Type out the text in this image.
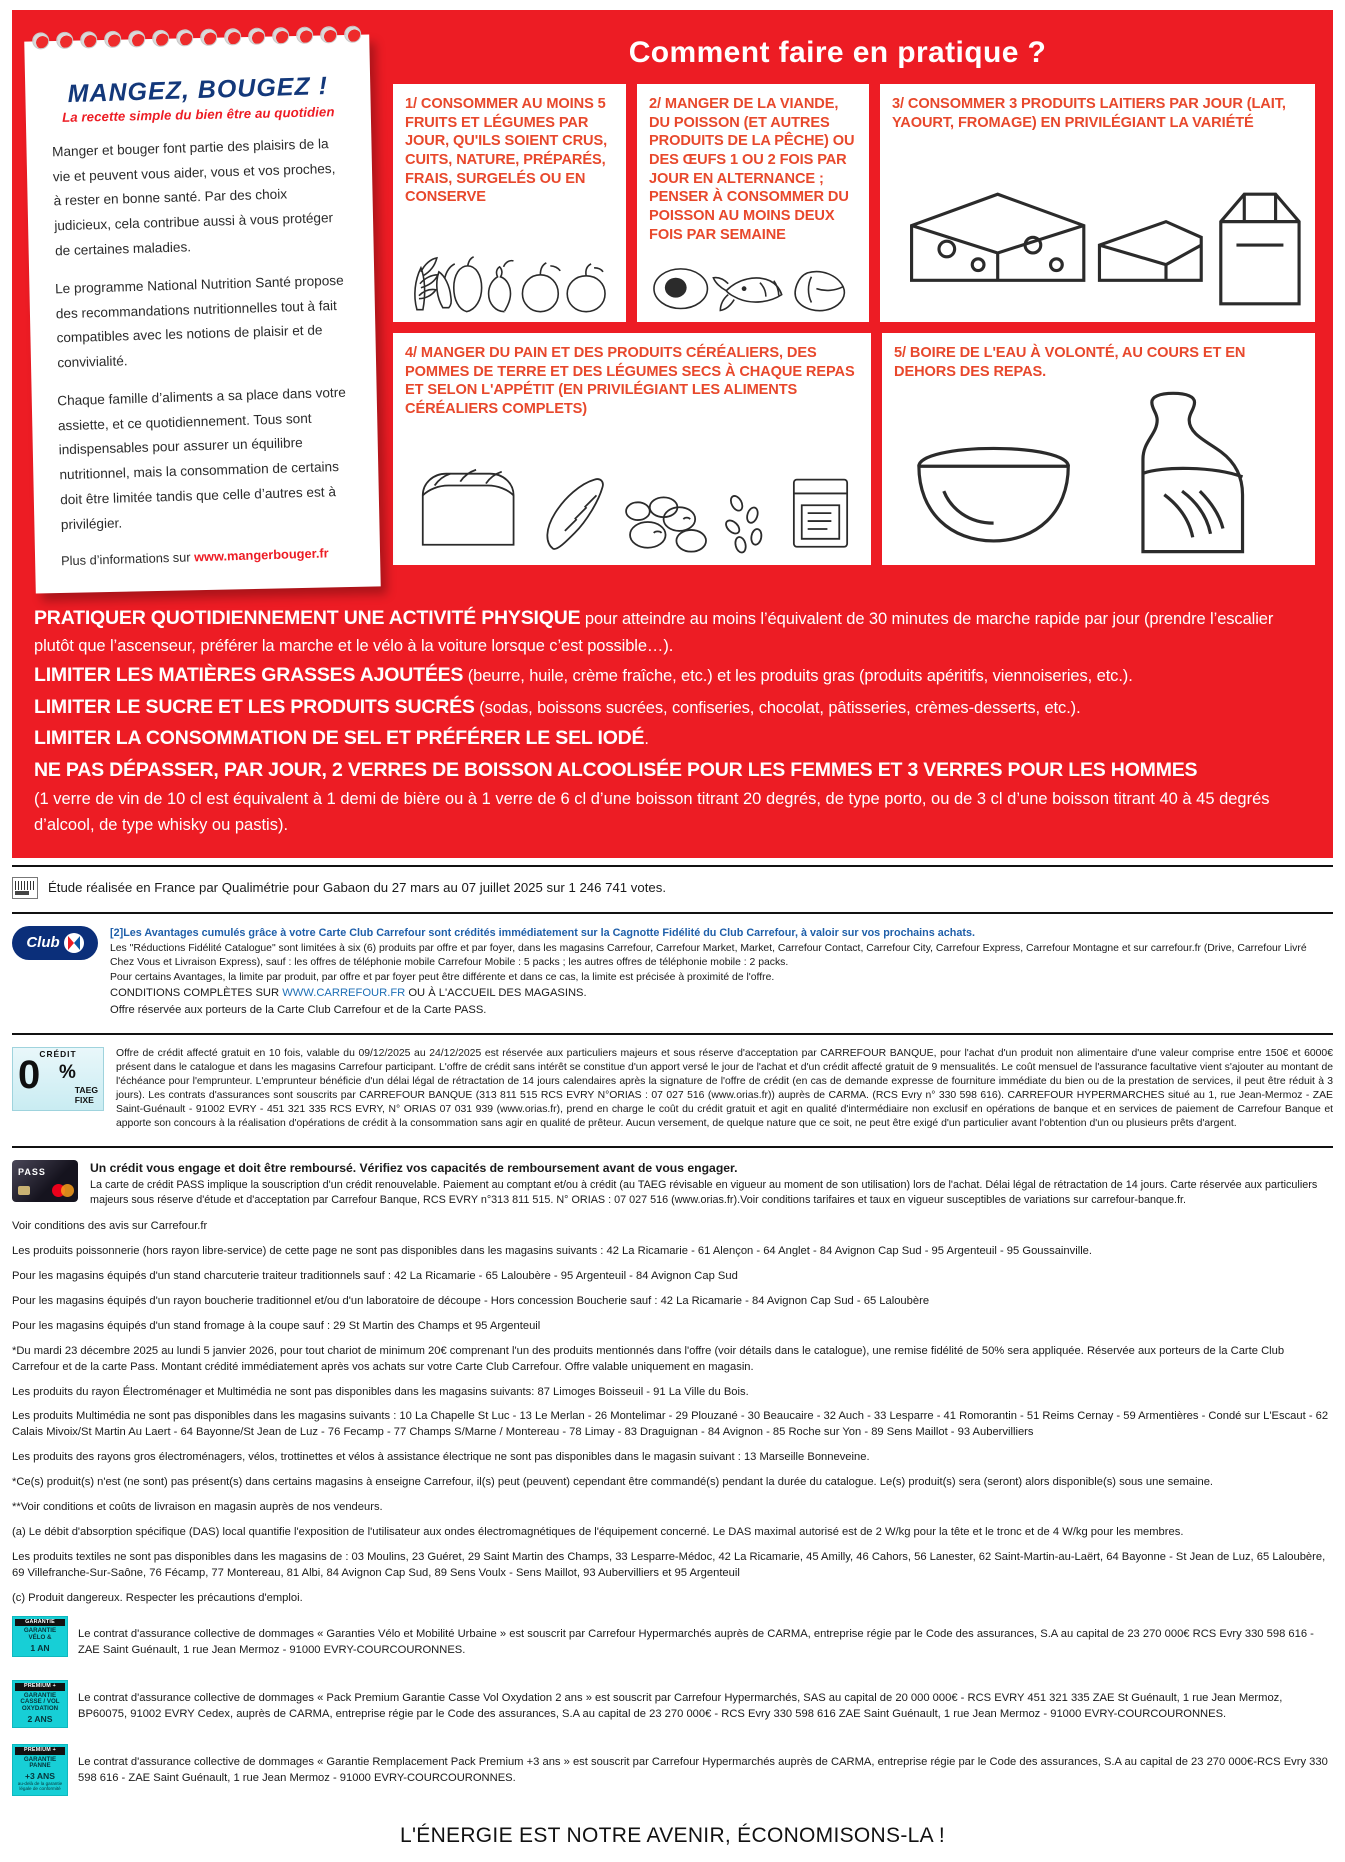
Comment faire en pratique ?
MANGEZ, BOUGEZ !
La recette simple du bien être au quotidien

Manger et bouger font partie des plaisirs de la vie et peuvent vous aider, vous et vos proches, à rester en bonne santé. Par des choix judicieux, cela contribue aussi à vous protéger de certaines maladies.

Le programme National Nutrition Santé propose des recommandations nutritionnelles tout à fait compatibles avec les notions de plaisir et de convivialité.

Chaque famille d’aliments a sa place dans votre assiette, et ce quotidiennement. Tous sont indispensables pour assurer un équilibre nutritionnel, mais la consommation de certains doit être limitée tandis que celle d’autres est à privilégier.

Plus d’informations sur www.mangerbouger.fr
1/ CONSOMMER AU MOINS 5 FRUITS ET LÉGUMES PAR JOUR, QU'ILS SOIENT CRUS, CUITS, NATURE, PRÉPARÉS, FRAIS, SURGELÉS OU EN CONSERVE
2/ MANGER DE LA VIANDE, DU POISSON (ET AUTRES PRODUITS DE LA PÊCHE) OU DES ŒUFS 1 OU 2 FOIS PAR JOUR EN ALTERNANCE ; PENSER À CONSOMMER DU POISSON AU MOINS DEUX FOIS PAR SEMAINE
3/ CONSOMMER 3 PRODUITS LAITIERS PAR JOUR (LAIT, YAOURT, FROMAGE) EN PRIVILÉGIANT LA VARIÉTÉ
4/ MANGER DU PAIN ET DES PRODUITS CÉRÉALIERS, DES POMMES DE TERRE ET DES LÉGUMES SECS À CHAQUE REPAS ET SELON L'APPÉTIT (EN PRIVILÉGIANT LES ALIMENTS CÉRÉALIERS COMPLETS)
5/ BOIRE DE L'EAU À VOLONTÉ, AU COURS ET EN DEHORS DES REPAS.

PRATIQUER QUOTIDIENNEMENT UNE ACTIVITÉ PHYSIQUE pour atteindre au moins l’équivalent de 30 minutes de marche rapide par jour (prendre l’escalier plutôt que l’ascenseur, préférer la marche et le vélo à la voiture lorsque c’est possible…).

LIMITER LES MATIÈRES GRASSES AJOUTÉES (beurre, huile, crème fraîche, etc.) et les produits gras (produits apéritifs, viennoiseries, etc.).

LIMITER LE SUCRE ET LES PRODUITS SUCRÉS (sodas, boissons sucrées, confiseries, chocolat, pâtisseries, crèmes-desserts, etc.).

LIMITER LA CONSOMMATION DE SEL ET PRÉFÉRER LE SEL IODÉ.

NE PAS DÉPASSER, PAR JOUR, 2 VERRES DE BOISSON ALCOOLISÉE POUR LES FEMMES ET 3 VERRES POUR LES HOMMES

(1 verre de vin de 10 cl est équivalent à 1 demi de bière ou à 1 verre de 6 cl d’une boisson titrant 20 degrés, de type porto, ou de 3 cl d’une boisson titrant 40 à 45 degrés d’alcool, de type whisky ou pastis).

Étude réalisée en France par Qualimétrie pour Gabaon du 27 mars au 07 juillet 2025 sur 1 246 741 votes.
Club

[2]Les Avantages cumulés grâce à votre Carte Club Carrefour sont crédités immédiatement sur la Cagnotte Fidélité du Club Carrefour, à valoir sur vos prochains achats.

Les "Réductions Fidélité Catalogue" sont limitées à six (6) produits par offre et par foyer, dans les magasins Carrefour, Carrefour Market, Market, Carrefour Contact, Carrefour City, Carrefour Express, Carrefour Montagne et sur carrefour.fr (Drive, Carrefour Livré Chez Vous et Livraison Express), sauf : les offres de téléphonie mobile Carrefour Mobile : 5 packs ; les autres offres de téléphonie mobile : 2 packs.

Pour certains Avantages, la limite par produit, par offre et par foyer peut être différente et dans ce cas, la limite est précisée à proximité de l'offre.

CONDITIONS COMPLÈTES SUR WWW.CARREFOUR.FR OU À L'ACCUEIL DES MAGASINS.

Offre réservée aux porteurs de la Carte Club Carrefour et de la Carte PASS.

CRÉDIT
0 %
TAEG
FIXE

Offre de crédit affecté gratuit en 10 fois, valable du 09/12/2025 au 24/12/2025 est réservée aux particuliers majeurs et sous réserve d'acceptation par CARREFOUR BANQUE, pour l'achat d'un produit non alimentaire d'une valeur comprise entre 150€ et 6000€ présent dans le catalogue et dans les magasins Carrefour participant. L'offre de crédit sans intérêt se constitue d'un apport versé le jour de l'achat et d'un crédit affecté gratuit de 9 mensualités. Le coût mensuel de l'assurance facultative vient s'ajouter au montant de l'échéance pour l'emprunteur. L'emprunteur bénéficie d'un délai légal de rétractation de 14 jours calendaires après la signature de l'offre de crédit (en cas de demande expresse de fourniture immédiate du bien ou de la prestation de services, il peut être réduit à 3 jours). Les contrats d'assurances sont souscrits par CARREFOUR BANQUE (313 811 515 RCS EVRY N°ORIAS : 07 027 516 (www.orias.fr)) auprès de CARMA. (RCS Evry n° 330 598 616). CARREFOUR HYPERMARCHES situé au 1, rue Jean-Mermoz - ZAE Saint-Guénault - 91002 EVRY - 451 321 335 RCS EVRY, N° ORIAS 07 031 939 (www.orias.fr), prend en charge le coût du crédit gratuit et agit en qualité d'intermédiaire non exclusif en opérations de banque et en services de paiement de Carrefour Banque et apporte son concours à la réalisation d'opérations de crédit à la consommation sans agir en qualité de prêteur. Aucun versement, de quelque nature que ce soit, ne peut être exigé d'un particulier avant l'obtention d'un ou plusieurs prêts d'argent.

PASS	Un crédit vous engage et doit être remboursé. Vérifiez vos capacités de remboursement avant de vous engager.

La carte de crédit PASS implique la souscription d'un crédit renouvelable. Paiement au comptant et/ou à crédit (au TAEG révisable en vigueur au moment de son utilisation) lors de l'achat. Délai légal de rétractation de 14 jours. Carte réservée aux particuliers majeurs sous réserve d'étude et d'acceptation par Carrefour Banque, RCS EVRY n°313 811 515. N° ORIAS : 07 027 516 (www.orias.fr).Voir conditions tarifaires et taux en vigueur susceptibles de variations sur carrefour-banque.fr.

Voir conditions des avis sur Carrefour.fr

Les produits poissonnerie (hors rayon libre-service) de cette page ne sont pas disponibles dans les magasins suivants : 42 La Ricamarie - 61 Alençon - 64 Anglet - 84 Avignon Cap Sud - 95 Argenteuil - 95 Goussainville.

Pour les magasins équipés d'un stand charcuterie traiteur traditionnels sauf : 42 La Ricamarie - 65 Laloubère - 95 Argenteuil - 84 Avignon Cap Sud

Pour les magasins équipés d'un rayon boucherie traditionnel et/ou d'un laboratoire de découpe - Hors concession Boucherie sauf : 42 La Ricamarie - 84 Avignon Cap Sud - 65 Laloubère

Pour les magasins équipés d'un stand fromage à la coupe sauf : 29 St Martin des Champs et 95 Argenteuil

*Du mardi 23 décembre 2025 au lundi 5 janvier 2026, pour tout chariot de minimum 20€ comprenant l'un des produits mentionnés dans l'offre (voir détails dans le catalogue), une remise fidélité de 50% sera appliquée. Réservée aux porteurs de la Carte Club Carrefour et de la carte Pass. Montant crédité immédiatement après vos achats sur votre Carte Club Carrefour. Offre valable uniquement en magasin.

Les produits du rayon Électroménager et Multimédia ne sont pas disponibles dans les magasins suivants: 87 Limoges Boisseuil - 91 La Ville du Bois.

Les produits Multimédia ne sont pas disponibles dans les magasins suivants : 10 La Chapelle St Luc - 13 Le Merlan - 26 Montelimar - 29 Plouzané - 30 Beaucaire - 32 Auch - 33 Lesparre - 41 Romorantin - 51 Reims Cernay - 59 Armentières - Condé sur L'Escaut - 62 Calais Mivoix/St Martin Au Laert - 64 Bayonne/St Jean de Luz - 76 Fecamp - 77 Champs S/Marne / Montereau - 78 Limay - 83 Draguignan - 84 Avignon - 85 Roche sur Yon - 89 Sens Maillot - 93 Aubervilliers

Les produits des rayons gros électroménagers, vélos, trottinettes et vélos à assistance électrique ne sont pas disponibles dans le magasin suivant : 13 Marseille Bonneveine.

*Ce(s) produit(s) n'est (ne sont) pas présent(s) dans certains magasins à enseigne Carrefour, il(s) peut (peuvent) cependant être commandé(s) pendant la durée du catalogue. Le(s) produit(s) sera (seront) alors disponible(s) sous une semaine.

**Voir conditions et coûts de livraison en magasin auprès de nos vendeurs.

(a) Le débit d'absorption spécifique (DAS) local quantifie l'exposition de l'utilisateur aux ondes électromagnétiques de l'équipement concerné. Le DAS maximal autorisé est de 2 W/kg pour la tête et le tronc et de 4 W/kg pour les membres.

Les produits textiles ne sont pas disponibles dans les magasins de : 03 Moulins, 23 Guéret, 29 Saint Martin des Champs, 33 Lesparre-Médoc, 42 La Ricamarie, 45 Amilly, 46 Cahors, 56 Lanester, 62 Saint-Martin-au-Laërt, 64 Bayonne - St Jean de Luz, 65 Laloubère, 69 Villefranche-Sur-Saône, 76 Fécamp, 77 Montereau, 81 Albi, 84 Avignon Cap Sud, 89 Sens Voulx - Sens Maillot, 93 Aubervilliers et 95 Argenteuil

(c) Produit dangereux. Respecter les précautions d'emploi.

GARANTIE
GARANTIE VÉLO &
1 AN

Le contrat d'assurance collective de dommages « Garanties Vélo et Mobilité Urbaine » est souscrit par Carrefour Hypermarchés auprès de CARMA, entreprise régie par le Code des assurances, S.A au capital de 23 270 000€ RCS Evry 330 598 616 - ZAE Saint Guénault, 1 rue Jean Mermoz - 91000 EVRY-COURCOURONNES.

PREMIUM +
GARANTIE CASSE / VOL OXYDATION
2 ANS

Le contrat d'assurance collective de dommages « Pack Premium Garantie Casse Vol Oxydation 2 ans » est souscrit par Carrefour Hypermarchés, SAS au capital de 20 000 000€ - RCS EVRY 451 321 335 ZAE St Guénault, 1 rue Jean Mermoz, BP60075, 91002 EVRY Cedex, auprès de CARMA, entreprise régie par le Code des assurances, S.A au capital de 23 270 000€ - RCS Evry 330 598 616 ZAE Saint Guénault, 1 rue Jean Mermoz - 91000 EVRY-COURCOURONNES.

PREMIUM +
GARANTIE PANNE
+3 ANS
au-delà de la garantie légale de conformité

Le contrat d'assurance collective de dommages « Garantie Remplacement Pack Premium +3 ans » est souscrit par Carrefour Hypermarchés auprès de CARMA, entreprise régie par le Code des assurances, S.A au capital de 23 270 000€-RCS Evry 330 598 616 - ZAE Saint Guénault, 1 rue Jean Mermoz - 91000 EVRY-COURCOURONNES.

L'ÉNERGIE EST NOTRE AVENIR, ÉCONOMISONS-LA !
